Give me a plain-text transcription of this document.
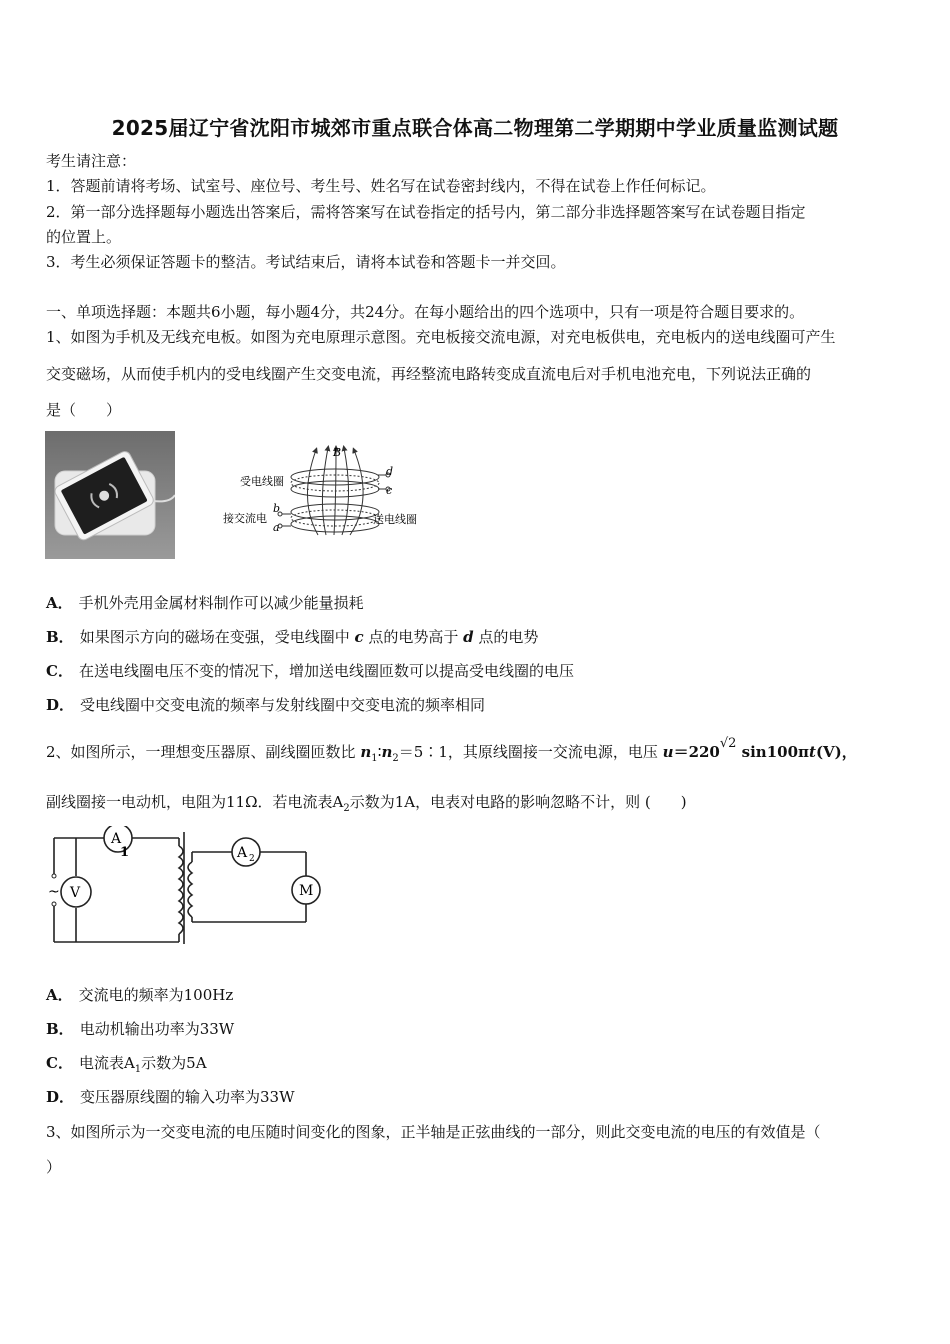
2025届辽宁省沈阳市城郊市重点联合体高二物理第二学期期中学业质量监测试题
考生请注意：
1．答题前请将考场、试室号、座位号、考生号、姓名写在试卷密封线内，不得在试卷上作任何标记。
2．第一部分选择题每小题选出答案后，需将答案写在试卷指定的括号内，第二部分非选择题答案写在试卷题目指定
的位置上。
3．考生必须保证答题卡的整洁。考试结束后，请将本试卷和答题卡一并交回。
一、单项选择题：本题共6小题，每小题4分，共24分。在每小题给出的四个选项中，只有一项是符合题目要求的。
1、如图为手机及无线充电板。如图为充电原理示意图。充电板接交流电源，对充电板供电，充电板内的送电线圈可产生
交变磁场，从而使手机内的受电线圈产生交变电流，再经整流电路转变成直流电后对手机电池充电，下列说法正确的
是（　　）
B
d
c
b
a
受电线圈
接交流电	送电线圈
A． 手机外壳用金属材料制作可以减少能量损耗
B． 如果图示方向的磁场在变强，受电线圈中 c 点的电势高于 d 点的电势
C． 在送电线圈电压不变的情况下，增加送电线圈匝数可以提高受电线圈的电压
D． 受电线圈中交变电流的频率与发射线圈中交变电流的频率相同
2、如图所示，一理想变压器原、副线圈匝数比 $n_1∶n_2=5∶1$，其原线圈接一交流电源，电压 u＝220√2 sin100πt(V)，
副线圈接一电动机，电阻为11Ω．若电流表$A_2$示数为1A，电表对电路的影响忽略不计，则 (　　)
~
A
1
V
A 2
M
A． 交流电的频率为100Hz
B． 电动机输出功率为33W
C． 电流表$A_1$示数为5A
D． 变压器原线圈的输入功率为33W
3、如图所示为一交变电流的电压随时间变化的图象，正半轴是正弦曲线的一部分，则此交变电流的电压的有效值是（
）
